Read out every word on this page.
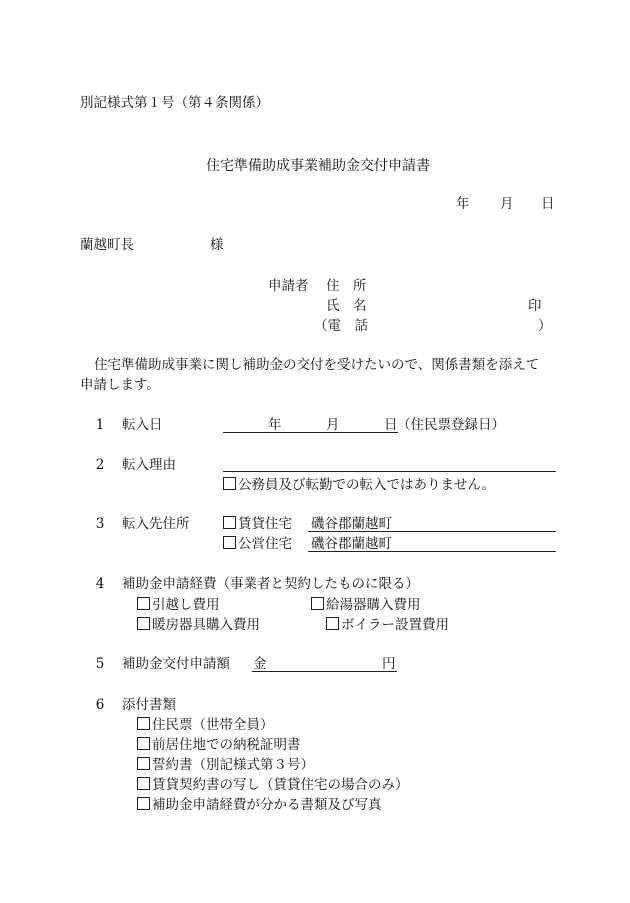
別記様式第１号（第４条関係）
住宅準備助成事業補助金交付申請書
年 月 日
蘭越町長	様
申請者 住　所
氏　名	印
（電　話	）
住宅準備助成事業に関し補助金の交付を受けたいので、関係書類を添えて
申請します。
1	転入日	年	月	日 （住民票登録日）
2	転入理由
公務員及び転勤での転入ではありません。
3	転入先住所	賃貸住宅 磯谷郡蘭越町
公営住宅 磯谷郡蘭越町
4	補助金申請経費（事業者と契約したものに限る）
引越し費用	給湯器購入費用
暖房器具購入費用	ボイラー設置費用
5	補助金交付申請額 金	円
6	添付書類
住民票（世帯全員）
前居住地での納税証明書
誓約書（別記様式第３号）
賃貸契約書の写し（賃貸住宅の場合のみ）
補助金申請経費が分かる書類及び写真
